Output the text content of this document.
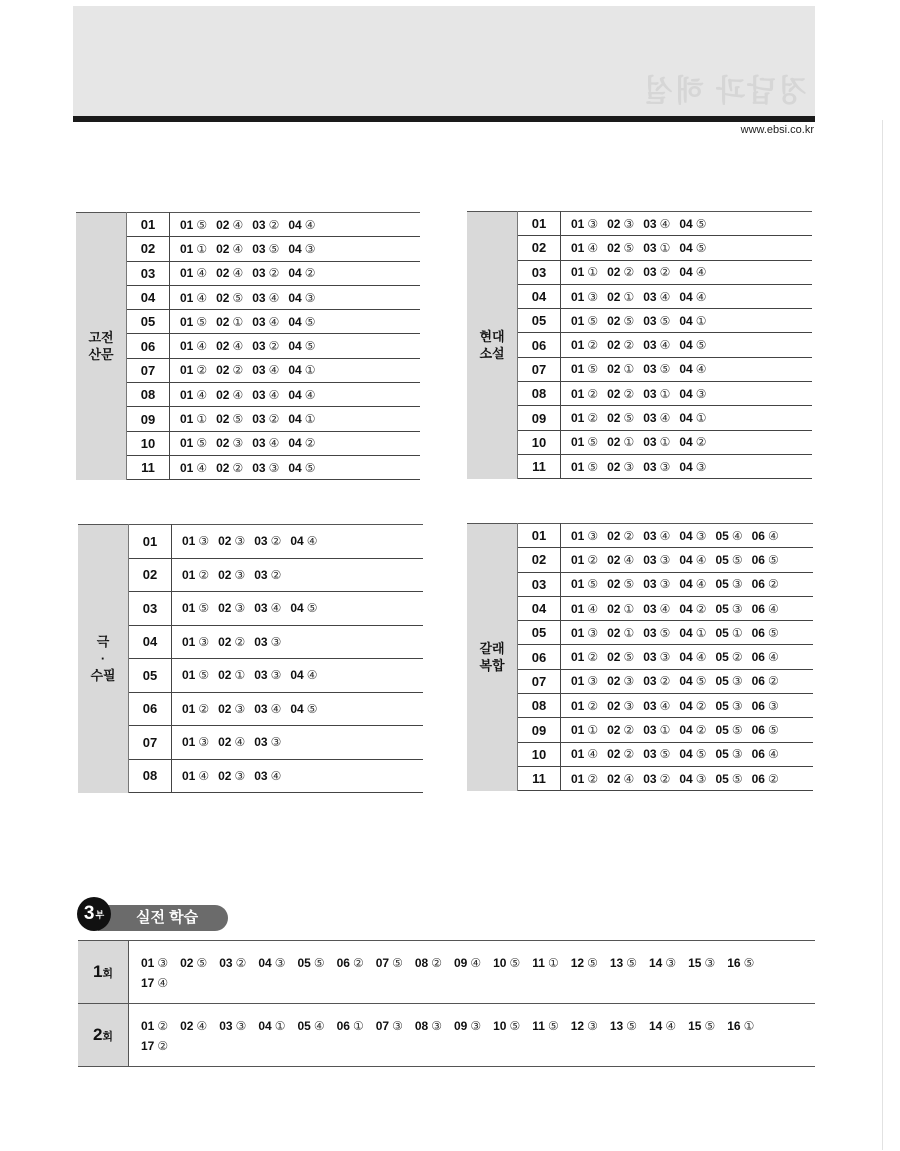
정답과 해설
www.ebsi.co.kr
고전
산문	01	01 ⑤ 02 ④ 03 ② 04 ④
	02	01 ① 02 ④ 03 ⑤ 04 ③
	03	01 ④ 02 ④ 03 ② 04 ②
	04	01 ④ 02 ⑤ 03 ④ 04 ③
	05	01 ⑤ 02 ① 03 ④ 04 ⑤
	06	01 ④ 02 ④ 03 ② 04 ⑤
	07	01 ② 02 ② 03 ④ 04 ①
	08	01 ④ 02 ④ 03 ④ 04 ④
	09	01 ① 02 ⑤ 03 ② 04 ①
	10	01 ⑤ 02 ③ 03 ④ 04 ②
	11	01 ④ 02 ② 03 ③ 04 ⑤
현대
소설	01	01 ③ 02 ③ 03 ④ 04 ⑤
	02	01 ④ 02 ⑤ 03 ① 04 ⑤
	03	01 ① 02 ② 03 ② 04 ④
	04	01 ③ 02 ① 03 ④ 04 ④
	05	01 ⑤ 02 ⑤ 03 ⑤ 04 ①
	06	01 ② 02 ② 03 ④ 04 ⑤
	07	01 ⑤ 02 ① 03 ⑤ 04 ④
	08	01 ② 02 ② 03 ① 04 ③
	09	01 ② 02 ⑤ 03 ④ 04 ①
	10	01 ⑤ 02 ① 03 ① 04 ②
	11	01 ⑤ 02 ③ 03 ③ 04 ③
극
·
수필	01	01 ③ 02 ③ 03 ② 04 ④
	02	01 ② 02 ③ 03 ②
	03	01 ⑤ 02 ③ 03 ④ 04 ⑤
	04	01 ③ 02 ② 03 ③
	05	01 ⑤ 02 ① 03 ③ 04 ④
	06	01 ② 02 ③ 03 ④ 04 ⑤
	07	01 ③ 02 ④ 03 ③
	08	01 ④ 02 ③ 03 ④
갈래
복합	01	01 ③ 02 ② 03 ④ 04 ③ 05 ④ 06 ④
	02	01 ② 02 ④ 03 ③ 04 ④ 05 ⑤ 06 ⑤
	03	01 ⑤ 02 ⑤ 03 ③ 04 ④ 05 ③ 06 ②
	04	01 ④ 02 ① 03 ④ 04 ② 05 ③ 06 ④
	05	01 ③ 02 ① 03 ⑤ 04 ① 05 ① 06 ⑤
	06	01 ② 02 ⑤ 03 ③ 04 ④ 05 ② 06 ④
	07	01 ③ 02 ③ 03 ② 04 ⑤ 05 ③ 06 ②
	08	01 ② 02 ③ 03 ④ 04 ② 05 ③ 06 ③
	09	01 ① 02 ② 03 ① 04 ② 05 ⑤ 06 ⑤
	10	01 ④ 02 ② 03 ⑤ 04 ⑤ 05 ③ 06 ④
	11	01 ② 02 ④ 03 ② 04 ③ 05 ⑤ 06 ②
3 부	실전 학습
1회	01 ③ 02 ⑤ 03 ② 04 ③ 05 ⑤ 06 ② 07 ⑤ 08 ② 09 ④ 10 ⑤ 11 ① 12 ⑤ 13 ⑤ 14 ③ 15 ③ 16 ⑤
17 ④
2회	01 ② 02 ④ 03 ③ 04 ① 05 ④ 06 ① 07 ③ 08 ③ 09 ③ 10 ⑤ 11 ⑤ 12 ③ 13 ⑤ 14 ④ 15 ⑤ 16 ①
17 ②
